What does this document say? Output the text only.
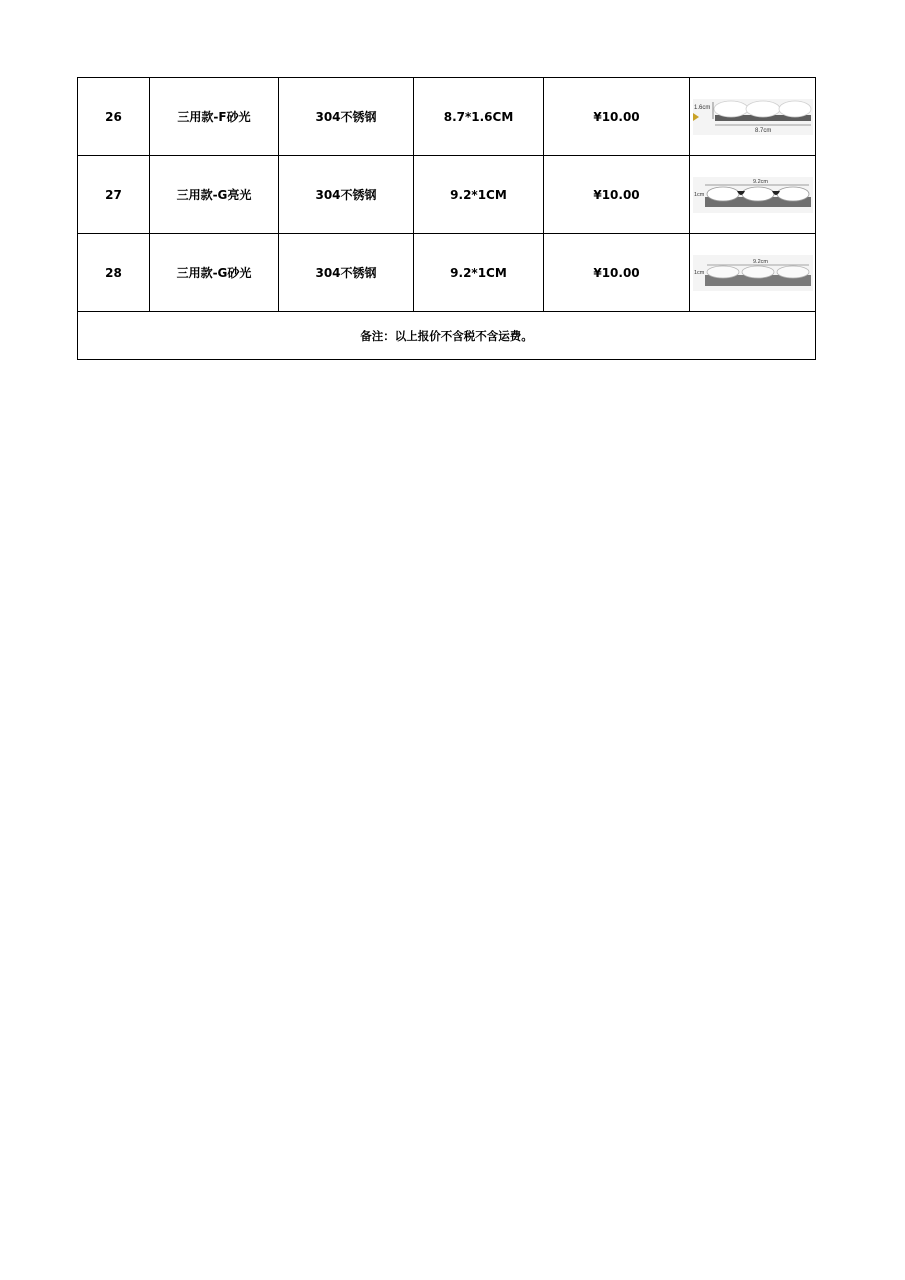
26	三用款-F砂光	304不锈钢	8.7*1.6CM	¥10.00	1.6cm
8.7cm

27	三用款-G亮光	304不锈钢	9.2*1CM	¥10.00	9.2cm
1cm

28	三用款-G砂光	304不锈钢	9.2*1CM	¥10.00	9.2cm
1cm

备注：以上报价不含税不含运费。					
